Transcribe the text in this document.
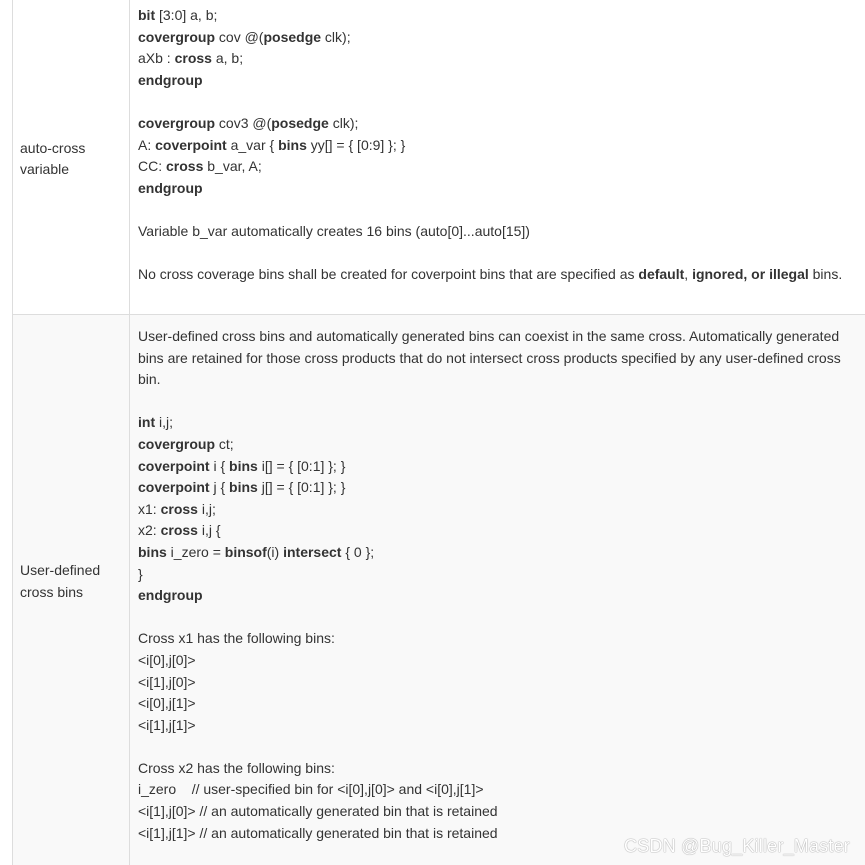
auto-cross
variable
bit [3:0] a, b;
covergroup cov @(posedge clk);
aXb : cross a, b;
endgroup
covergroup cov3 @(posedge clk);
A: coverpoint a_var { bins yy[] = { [0:9] }; }
CC: cross b_var, A;
endgroup
Variable b_var automatically creates 16 bins (auto[0]...auto[15])
No cross coverage bins shall be created for coverpoint bins that are specified as default, ignored, or illegal bins.
User-defined
cross bins
User-defined cross bins and automatically generated bins can coexist in the same cross. Automatically generated bins are retained for those cross products that do not intersect cross products specified by any user-defined cross bin.
int i,j;
covergroup ct;
coverpoint i { bins i[] = { [0:1] }; }
coverpoint j { bins j[] = { [0:1] }; }
x1: cross i,j;
x2: cross i,j {
bins i_zero = binsof(i) intersect { 0 };
}
endgroup
Cross x1 has the following bins:
<i[0],j[0]>
<i[1],j[0]>
<i[0],j[1]>
<i[1],j[1]>
Cross x2 has the following bins:
i_zero    // user-specified bin for <i[0],j[0]> and <i[0],j[1]>
<i[1],j[0]> // an automatically generated bin that is retained
<i[1],j[1]> // an automatically generated bin that is retained
CSDN @Bug_Killer_Master
